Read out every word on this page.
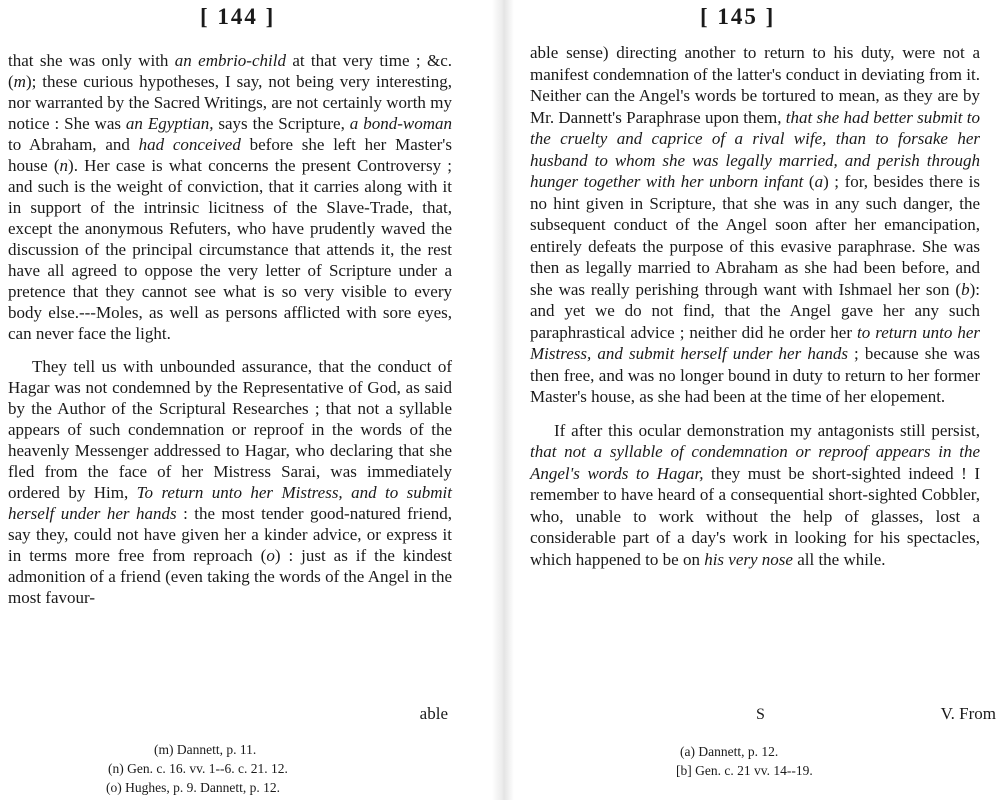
[ 144 ]

that she was only with an embrio-child at that very time ; &c. (m); these curious hypotheses, I say, not being very interesting, nor warranted by the Sacred Writings, are not certainly worth my notice : She was an Egyptian, says the Scripture, a bond-woman to Abraham, and had conceived before she left her Master's house (n). Her case is what concerns the present Controversy ; and such is the weight of conviction, that it carries along with it in support of the intrinsic licitness of the Slave-Trade, that, except the anonymous Refuters, who have prudently waved the discussion of the principal circumstance that attends it, the rest have all agreed to oppose the very letter of Scripture under a pretence that they cannot see what is so very visible to every body else.---Moles, as well as persons afflicted with sore eyes, can never face the light.

They tell us with unbounded assurance, that the conduct of Hagar was not condemned by the Representative of God, as said by the Author of the Scriptural Researches ; that not a syllable appears of such condemnation or reproof in the words of the heavenly Messenger addressed to Hagar, who declaring that she fled from the face of her Mistress Sarai, was immediately ordered by Him, To return unto her Mistress, and to submit herself under her hands : the most tender good-natured friend, say they, could not have given her a kinder advice, or express it in terms more free from reproach (o) : just as if the kindest admonition of a friend (even taking the words of the Angel in the most favour-

able
(m) Dannett, p. 11.
(n) Gen. c. 16. vv. 1--6. c. 21. 12.
(o) Hughes, p. 9. Dannett, p. 12.
[ 145 ]

able sense) directing another to return to his duty, were not a manifest condemnation of the latter's conduct in deviating from it. Neither can the Angel's words be tortured to mean, as they are by Mr. Dannett's Paraphrase upon them, that she had better submit to the cruelty and caprice of a rival wife, than to forsake her husband to whom she was legally married, and perish through hunger together with her unborn infant (a) ; for, besides there is no hint given in Scripture, that she was in any such danger, the subsequent conduct of the Angel soon after her emancipation, entirely defeats the purpose of this evasive paraphrase. She was then as legally married to Abraham as she had been before, and she was really perishing through want with Ishmael her son (b): and yet we do not find, that the Angel gave her any such paraphrastical advice ; neither did he order her to return unto her Mistress, and submit herself under her hands ; because she was then free, and was no longer bound in duty to return to her former Master's house, as she had been at the time of her elopement.

If after this ocular demonstration my antagonists still persist, that not a syllable of condemnation or reproof appears in the Angel's words to Hagar, they must be short-sighted indeed ! I remember to have heard of a consequential short-sighted Cobbler, who, unable to work without the help of glasses, lost a considerable part of a day's work in looking for his spectacles, which happened to be on his very nose all the while.

S	V. From
(a) Dannett, p. 12.
[b] Gen. c. 21 vv. 14--19.
